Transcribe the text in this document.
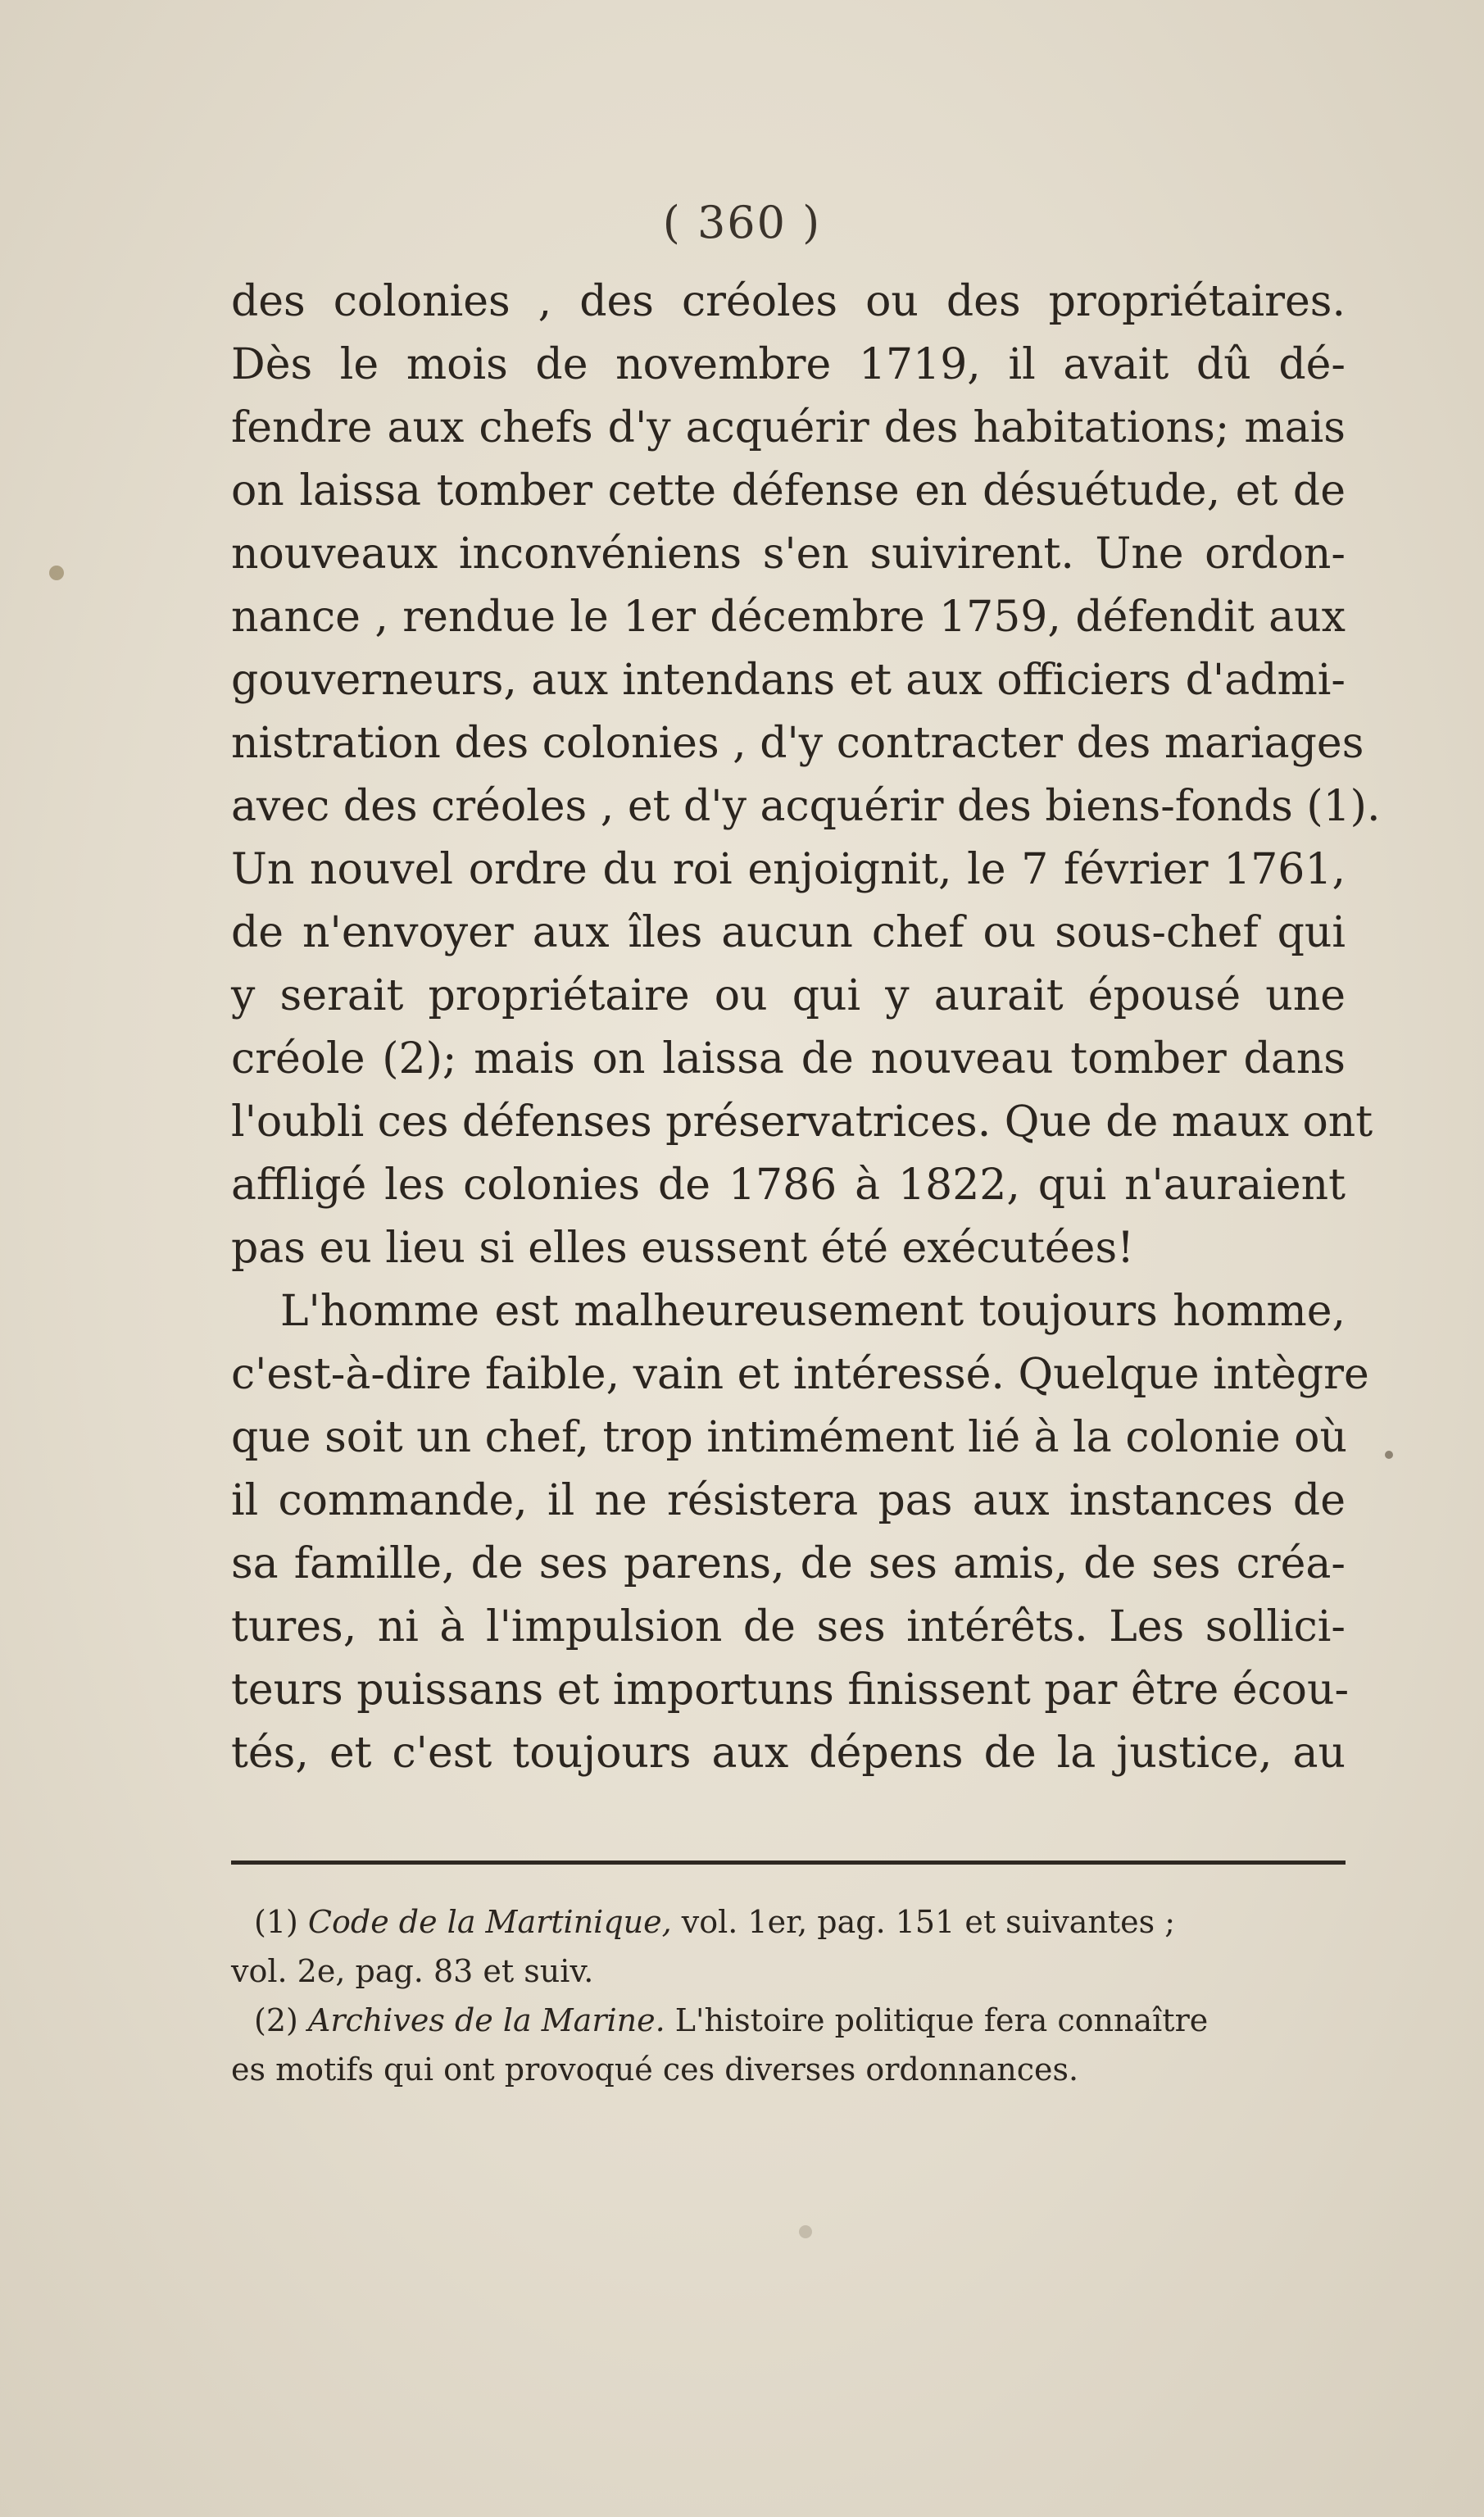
( 360 )
des colonies , des créoles ou des propriétaires.
Dès le mois de novembre 1719, il avait dû dé-
fendre aux chefs d'y acquérir des habitations; mais
on laissa tomber cette défense en désuétude, et de
nouveaux inconvéniens s'en suivirent. Une ordon-
nance , rendue le 1er décembre 1759, défendit aux
gouverneurs, aux intendans et aux officiers d'admi-
nistration des colonies , d'y contracter des mariages
avec des créoles , et d'y acquérir des biens-fonds (1).
Un nouvel ordre du roi enjoignit, le 7 février 1761,
de n'envoyer aux îles aucun chef ou sous-chef qui
y serait propriétaire ou qui y aurait épousé une
créole (2); mais on laissa de nouveau tomber dans
l'oubli ces défenses préservatrices. Que de maux ont
affligé les colonies de 1786 à 1822, qui n'auraient
pas eu lieu si elles eussent été exécutées!
L'homme est malheureusement toujours homme,
c'est-à-dire faible, vain et intéressé. Quelque intègre
que soit un chef, trop intimément lié à la colonie où
il commande, il ne résistera pas aux instances de
sa famille, de ses parens, de ses amis, de ses créa-
tures, ni à l'impulsion de ses intérêts. Les sollici-
teurs puissans et importuns finissent par être écou-
tés, et c'est toujours aux dépens de la justice, au
(1) Code de la Martinique, vol. 1er, pag. 151 et suivantes ;
vol. 2e, pag. 83 et suiv.
(2) Archives de la Marine. L'histoire politique fera connaître
es motifs qui ont provoqué ces diverses ordonnances.
